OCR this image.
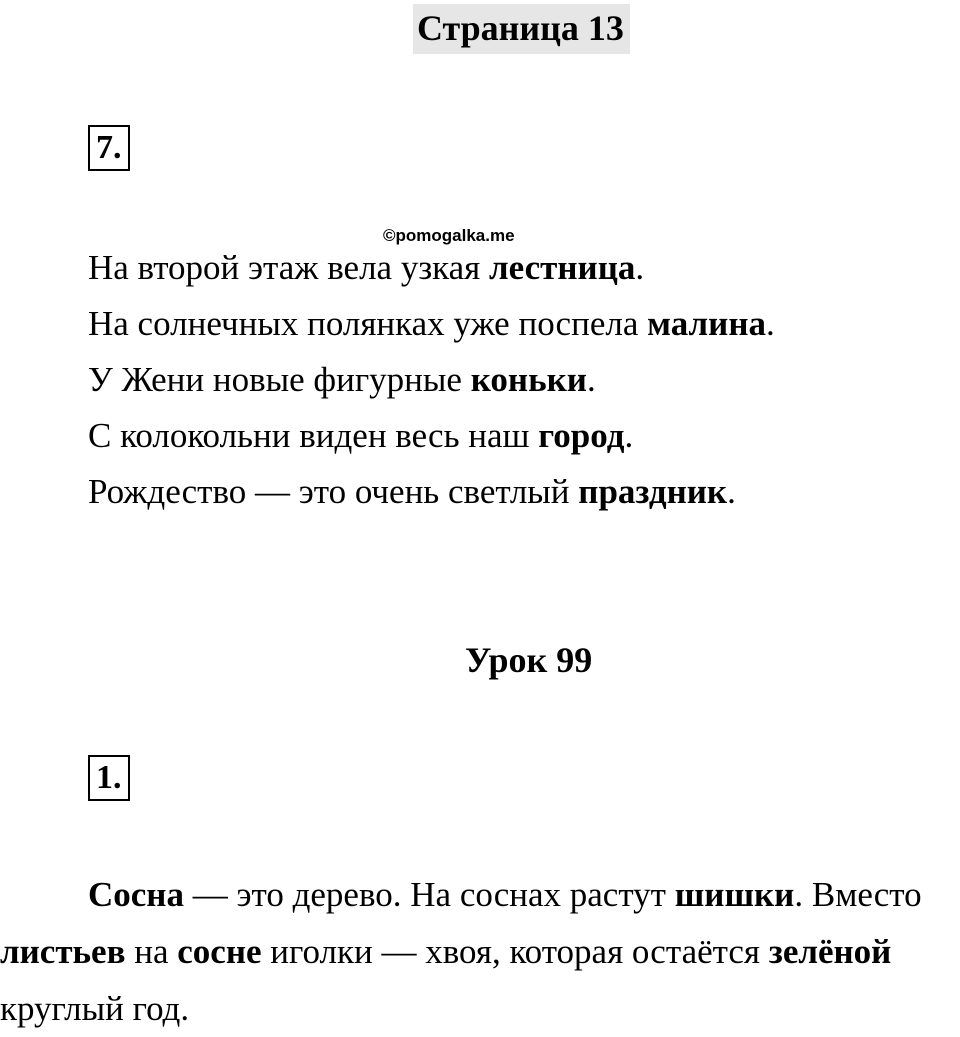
Страница 13
7.
©pomogalka.me
На второй этаж вела узкая лестница.
На солнечных полянках уже поспела малина.
У Жени новые фигурные коньки.
С колокольни виден весь наш город.
Рождество — это очень светлый праздник.
Урок 99
1.

Сосна — это дерево. На соснах растут шишки. Вместо листьев на сосне иголки — хвоя, которая остаётся зелёной круглый год.
